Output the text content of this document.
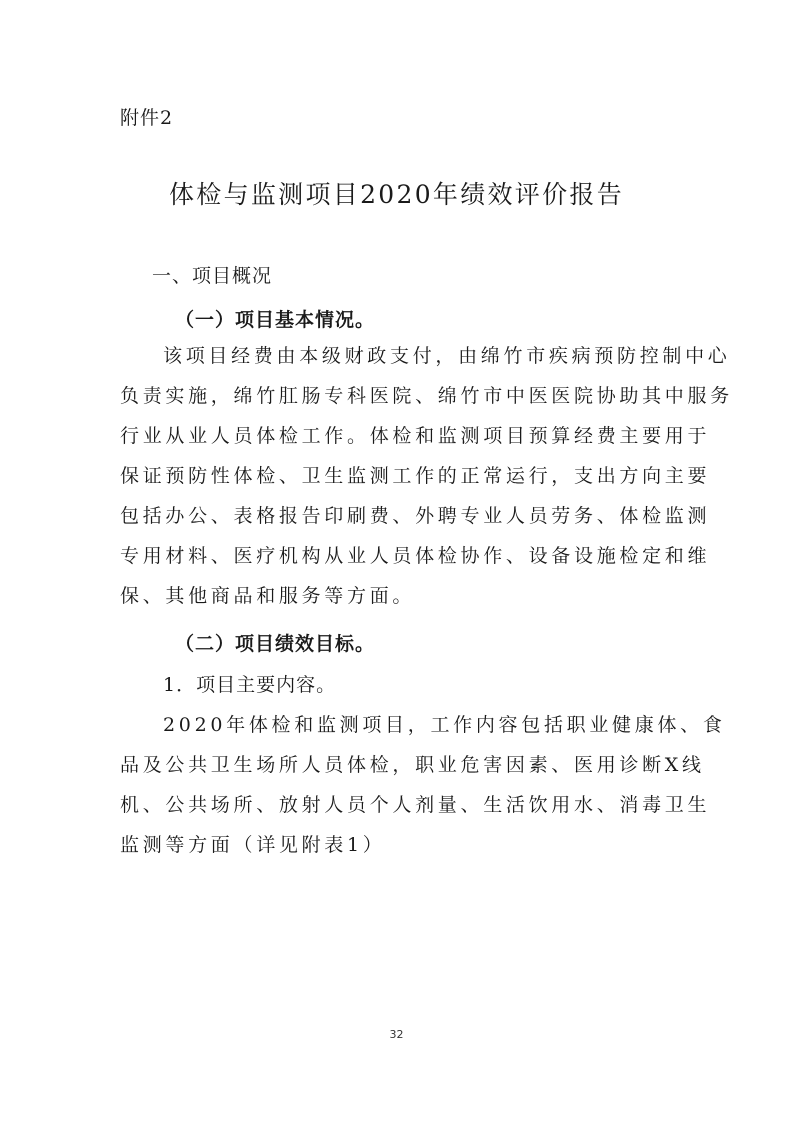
附件2

体检与监测项目2020年绩效评价报告

一、项目概况

（一）项目基本情况。

该项目经费由本级财政支付，由绵竹市疾病预防控制中心

负责实施，绵竹肛肠专科医院、绵竹市中医医院协助其中服务

行业从业人员体检工作。体检和监测项目预算经费主要用于

保证预防性体检、卫生监测工作的正常运行，支出方向主要

包括办公、表格报告印刷费、外聘专业人员劳务、体检监测

专用材料、医疗机构从业人员体检协作、设备设施检定和维

保、其他商品和服务等方面。

（二）项目绩效目标。

1．项目主要内容。

2020年体检和监测项目，工作内容包括职业健康体、食

品及公共卫生场所人员体检，职业危害因素、医用诊断X线

机、公共场所、放射人员个人剂量、生活饮用水、消毒卫生

监测等方面（详见附表1）

32
